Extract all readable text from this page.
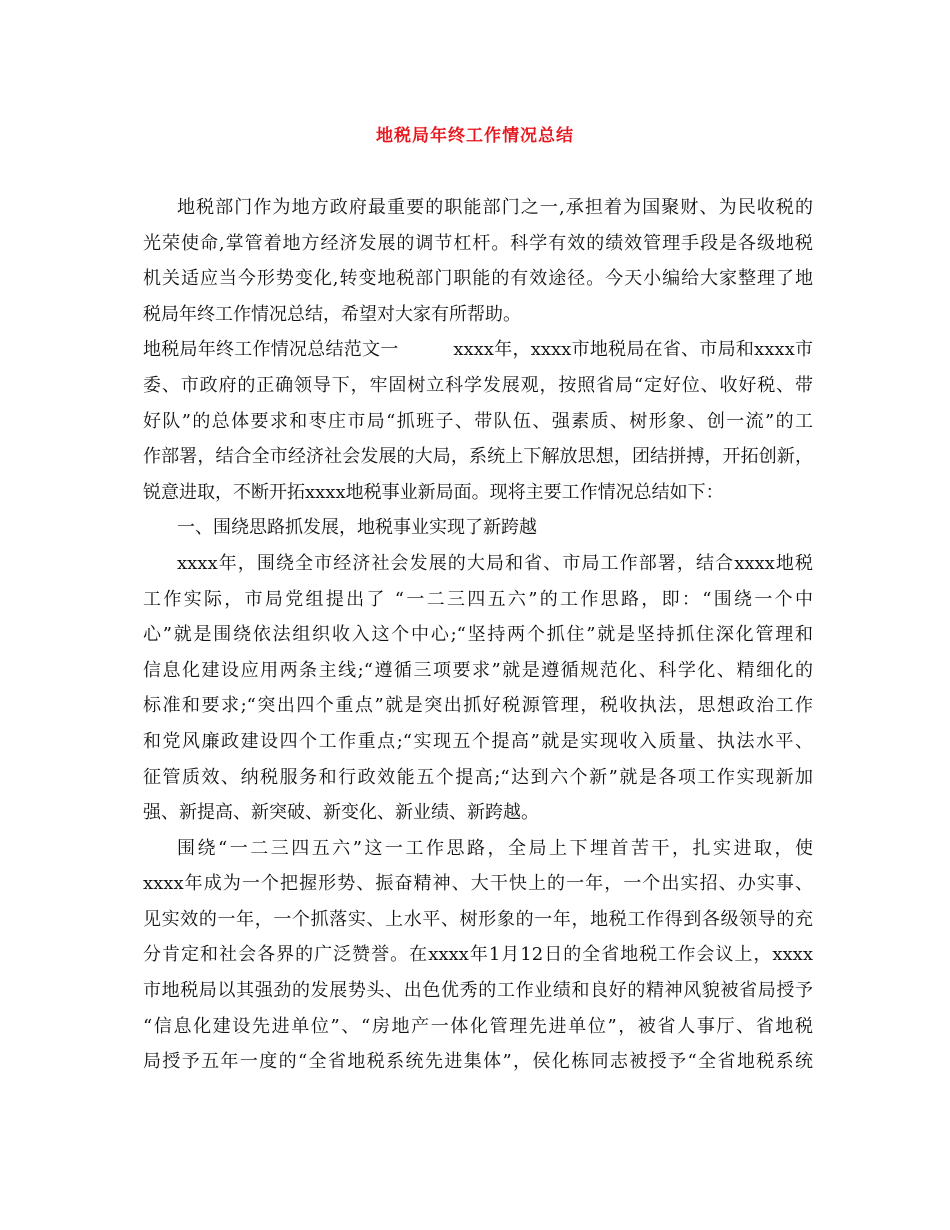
地税局年终工作情况总结
地税部门作为地方政府最重要的职能部门之一,承担着为国聚财、为民收税的
光荣使命,掌管着地方经济发展的调节杠杆。科学有效的绩效管理手段是各级地税
机关适应当今形势变化,转变地税部门职能的有效途径。今天小编给大家整理了地
税局年终工作情况总结，希望对大家有所帮助。
地税局年终工作情况总结范文一　　　xxxx年，xxxx市地税局在省、市局和xxxx市
委、市政府的正确领导下，牢固树立科学发展观，按照省局“定好位、收好税、带
好队”的总体要求和枣庄市局“抓班子、带队伍、强素质、树形象、创一流”的工
作部署，结合全市经济社会发展的大局，系统上下解放思想，团结拼搏，开拓创新，
锐意进取，不断开拓xxxx地税事业新局面。现将主要工作情况总结如下：
一、围绕思路抓发展，地税事业实现了新跨越
xxxx年，围绕全市经济社会发展的大局和省、市局工作部署，结合xxxx地税
工作实际，市局党组提出了 “一二三四五六”的工作思路，即：“围绕一个中
心”就是围绕依法组织收入这个中心;“坚持两个抓住”就是坚持抓住深化管理和
信息化建设应用两条主线;“遵循三项要求”就是遵循规范化、科学化、精细化的
标准和要求;“突出四个重点”就是突出抓好税源管理，税收执法，思想政治工作
和党风廉政建设四个工作重点;“实现五个提高”就是实现收入质量、执法水平、
征管质效、纳税服务和行政效能五个提高;“达到六个新”就是各项工作实现新加
强、新提高、新突破、新变化、新业绩、新跨越。
围绕“一二三四五六”这一工作思路，全局上下埋首苦干，扎实进取，使
xxxx年成为一个把握形势、振奋精神、大干快上的一年，一个出实招、办实事、
见实效的一年，一个抓落实、上水平、树形象的一年，地税工作得到各级领导的充
分肯定和社会各界的广泛赞誉。在xxxx年1月12日的全省地税工作会议上，xxxx
市地税局以其强劲的发展势头、出色优秀的工作业绩和良好的精神风貌被省局授予
“信息化建设先进单位”、“房地产一体化管理先进单位”，被省人事厅、省地税
局授予五年一度的“全省地税系统先进集体”，侯化栋同志被授予“全省地税系统
